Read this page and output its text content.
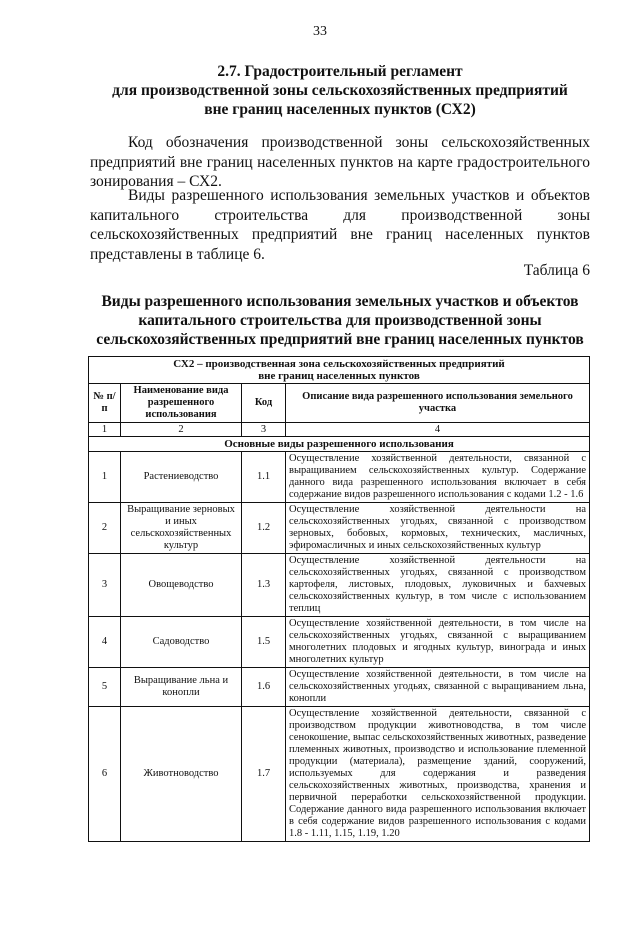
33
2.7. Градостроительный регламент
для производственной зоны сельскохозяйственных предприятий
вне границ населенных пунктов (СХ2)

Код обозначения производственной зоны сельскохозяйственных предприятий вне границ населенных пунктов на карте градостроительного зонирования – СХ2.

Виды разрешенного использования земельных участков и объектов капитального строительства для производственной зоны сельскохозяйственных предприятий вне границ населенных пунктов представлены в таблице 6.

Таблица 6
Виды разрешенного использования земельных участков и объектов
капитального строительства для производственной зоны
сельскохозяйственных предприятий вне границ населенных пунктов
СХ2 – производственная зона сельскохозяйственных предприятий
вне границ населенных пунктов			

№ п/п	Наименование вида разрешенного использования	Код	Описание вида разрешенного использования земельного участка
1	2	3	4
Основные виды разрешенного использования			
1	Растениеводство	1.1	Осуществление хозяйственной деятельности, связанной с выращиванием сельскохозяйственных культур. Содержание данного вида разрешенного использования включает в себя содержание видов разрешенного использования с кодами 1.2 - 1.6
2	Выращивание зерновых и иных сельскохозяйственных культур	1.2	Осуществление хозяйственной деятельности на сельскохозяйственных угодьях, связанной с производством зерновых, бобовых, кормовых, технических, масличных, эфиромасличных и иных сельскохозяйственных культур
3	Овощеводство	1.3	Осуществление хозяйственной деятельности на сельскохозяйственных угодьях, связанной с производством картофеля, листовых, плодовых, луковичных и бахчевых сельскохозяйственных культур, в том числе с использованием теплиц
4	Садоводство	1.5	Осуществление хозяйственной деятельности, в том числе на сельскохозяйственных угодьях, связанной с выращиванием многолетних плодовых и ягодных культур, винограда и иных многолетних культур
5	Выращивание льна и конопли	1.6	Осуществление хозяйственной деятельности, в том числе на сельскохозяйственных угодьях, связанной с выращиванием льна, конопли
6	Животноводство	1.7	Осуществление хозяйственной деятельности, связанной с производством продукции животноводства, в том числе сенокошение, выпас сельскохозяйственных животных, разведение племенных животных, производство и использование племенной продукции (материала), размещение зданий, сооружений, используемых для содержания и разведения сельскохозяйственных животных, производства, хранения и первичной переработки сельскохозяйственной продукции. Содержание данного вида разрешенного использования включает в себя содержание видов разрешенного использования с кодами 1.8 - 1.11, 1.15, 1.19, 1.20
